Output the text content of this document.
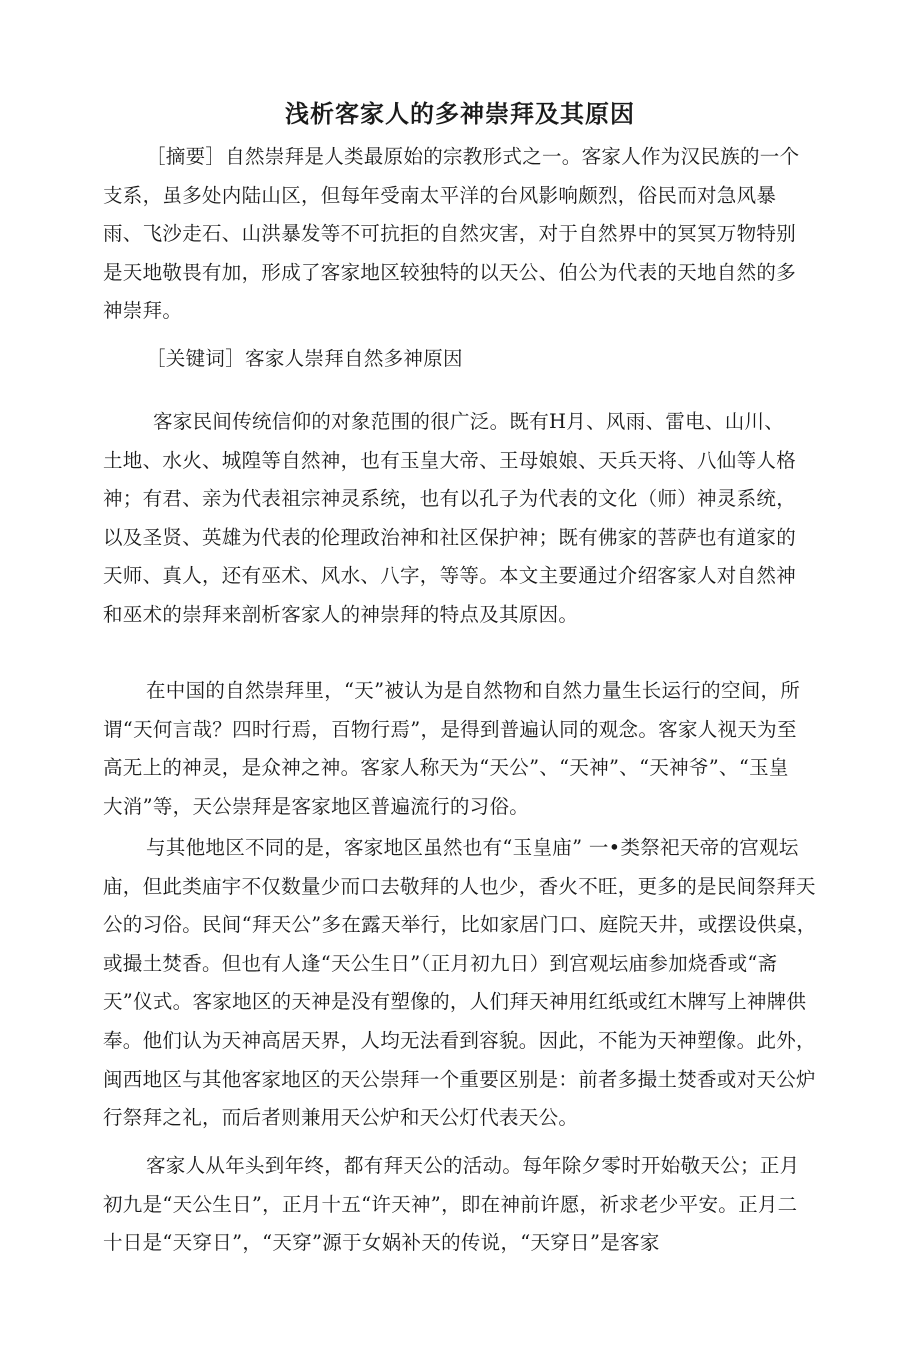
浅析客家人的多神崇拜及其原因
［摘要］自然崇拜是人类最原始的宗教形式之一。客家人作为汉民族的一个支系，虽多处内陆山区，但每年受南太平洋的台风影响颇烈，俗民而对急风暴雨、飞沙走石、山洪暴发等不可抗拒的自然灾害，对于自然界中的冥冥万物特别是天地敬畏有加，形成了客家地区较独特的以天公、伯公为代表的天地自然的多神崇拜。
［关键词］客家人崇拜自然多神原因
客家民间传统信仰的对象范围的很广泛。既有H月、风雨、雷电、山川、土地、水火、城隍等自然神，也有玉皇大帝、王母娘娘、天兵天将、八仙等人格神；有君、亲为代表祖宗神灵系统，也有以孔子为代表的文化（师）神灵系统，以及圣贤、英雄为代表的伦理政治神和社区保护神；既有佛家的菩萨也有道家的天师、真人，还有巫术、风水、八字，等等。本文主要通过介绍客家人对自然神和巫术的崇拜来剖析客家人的神崇拜的特点及其原因。
在中国的自然崇拜里，“天”被认为是自然物和自然力量生长运行的空间，所谓“天何言哉？四时行焉，百物行焉”，是得到普遍认同的观念。客家人视天为至高无上的神灵，是众神之神。客家人称天为“天公”、“天神”、“天神爷”、“玉皇大消”等，天公崇拜是客家地区普遍流行的习俗。
与其他地区不同的是，客家地区虽然也有“玉皇庙” 一•类祭祀天帝的宫观坛庙，但此类庙宇不仅数量少而口去敬拜的人也少，香火不旺，更多的是民间祭拜天公的习俗。民间“拜天公”多在露天举行，比如家居门口、庭院天井，或摆设供桌，或撮土焚香。但也有人逢“天公生日”（正月初九日）到宫观坛庙参加烧香或“斋天”仪式。客家地区的天神是没有塑像的，人们拜天神用红纸或红木牌写上神牌供奉。他们认为天神高居天界，人均无法看到容貌。因此，不能为天神塑像。此外，闽西地区与其他客家地区的天公崇拜一个重要区别是：前者多撮土焚香或对天公炉行祭拜之礼，而后者则兼用天公炉和天公灯代表天公。
客家人从年头到年终，都有拜天公的活动。每年除夕零时开始敬天公；正月初九是“天公生日”，正月十五“许天神”，即在神前许愿，祈求老少平安。正月二十日是“天穿日”，“天穿”源于女娲补天的传说，“天穿日”是客家
